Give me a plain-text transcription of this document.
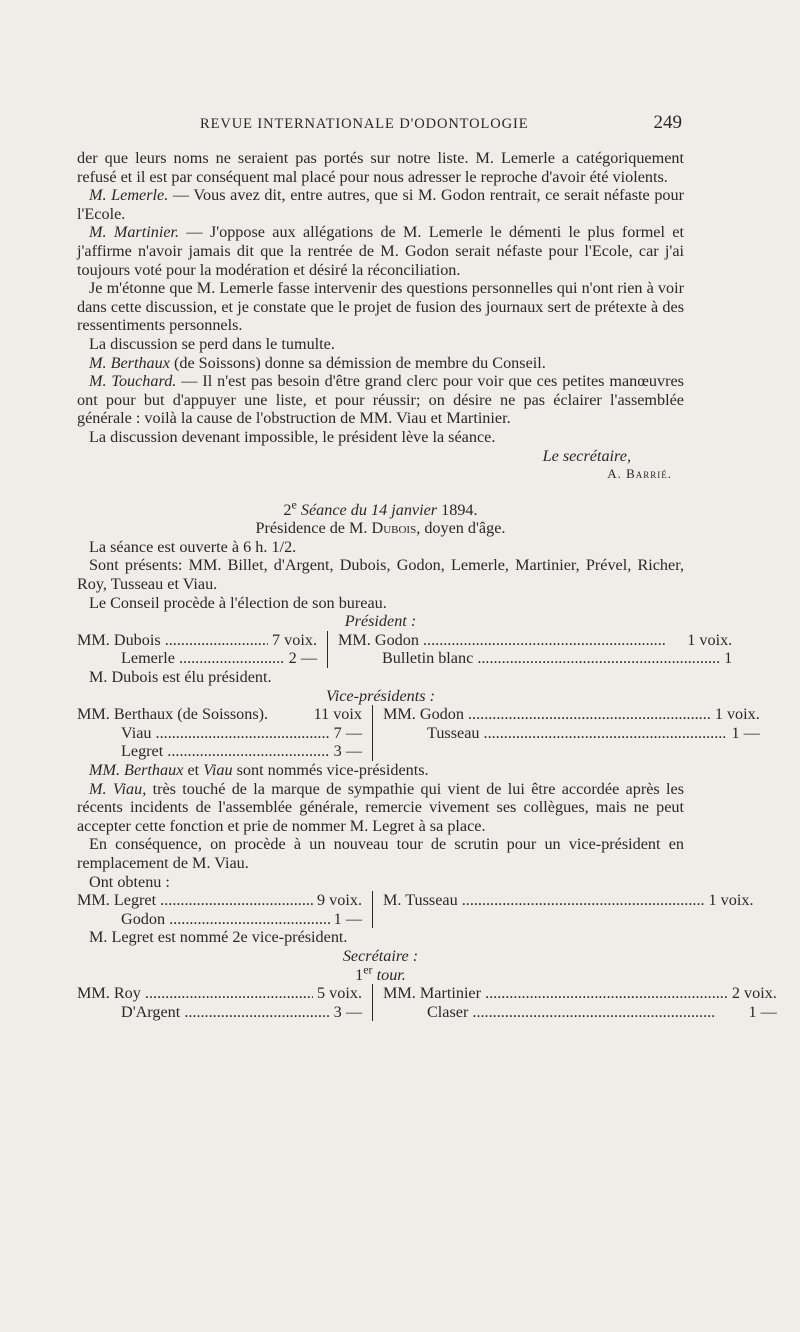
REVUE INTERNATIONALE D'ODONTOLOGIE	249

der que leurs noms ne seraient pas portés sur notre liste. M. Lemerle a catégoriquement refusé et il est par conséquent mal placé pour nous adresser le reproche d'avoir été violents.

M. Lemerle. — Vous avez dit, entre autres, que si M. Godon rentrait, ce serait néfaste pour l'Ecole.

M. Martinier. — J'oppose aux allégations de M. Lemerle le démenti le plus formel et j'affirme n'avoir jamais dit que la rentrée de M. Godon serait néfaste pour l'Ecole, car j'ai toujours voté pour la modération et désiré la réconciliation.

Je m'étonne que M. Lemerle fasse intervenir des questions personnelles qui n'ont rien à voir dans cette discussion, et je constate que le projet de fusion des journaux sert de prétexte à des ressentiments personnels.

La discussion se perd dans le tumulte.

M. Berthaux (de Soissons) donne sa démission de membre du Conseil.

M. Touchard. — Il n'est pas besoin d'être grand clerc pour voir que ces petites manœuvres ont pour but d'appuyer une liste, et pour réussir; on désire ne pas éclairer l'assemblée générale : voilà la cause de l'obstruction de MM. Viau et Martinier.

La discussion devenant impossible, le président lève la séance.

Le secrétaire,
A. Barrié.
2e Séance du 14 janvier 1894.
Présidence de M. Dubois, doyen d'âge.

La séance est ouverte à 6 h. 1/2.

Sont présents: MM. Billet, d'Argent, Dubois, Godon, Lemerle, Martinier, Prével, Richer, Roy, Tusseau et Viau.

Le Conseil procède à l'élection de son bureau.

Président :
MM. Dubois .....	7 voix.
Lemerle .....	2 —
MM. Godon .....	1 voix.
Bulletin blanc .....	1

M. Dubois est élu président.

Vice-présidents :
MM. Berthaux (de Soissons).	11 voix
Viau .....	7 —
Legret .....	3 —
MM. Godon .....	1 voix.
Tusseau .....	1 —

MM. Berthaux et Viau sont nommés vice-présidents.

M. Viau, très touché de la marque de sympathie qui vient de lui être accordée après les récents incidents de l'assemblée générale, remercie vivement ses collègues, mais ne peut accepter cette fonction et prie de nommer M. Legret à sa place.

En conséquence, on procède à un nouveau tour de scrutin pour un vice-président en remplacement de M. Viau.

Ont obtenu :

MM. Legret .....	9 voix.
Godon .....	1 —
M. Tusseau .....	1 voix.

M. Legret est nommé 2e vice-président.

Secrétaire :
1er tour.
MM. Roy .....	5 voix.
D'Argent .....	3 —
MM. Martinier .....	2 voix.
Claser .....	1 —
